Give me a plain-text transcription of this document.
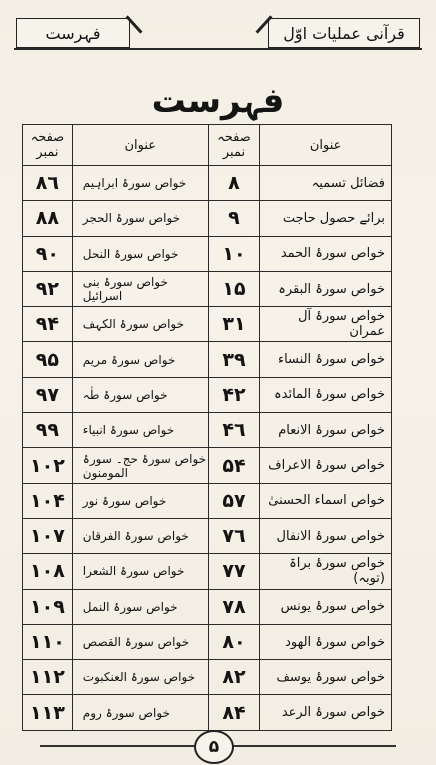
قرآنی عملیات اوّل
فہرست
فہرست
عنوان	صفحہ نمبر	عنوان	صفحہ نمبر
فضائل تسمیہ	٨	خواص سورۂ ابراہیم	٨٦
برائے حصول حاجت	٩	خواص سورۂ الحجر	٨٨
خواص سورۂ الحمد	١٠	خواص سورۂ النحل	٩٠
خواص سورۂ البقرہ	١۵	خواص سورۂ بنی اسرائیل	٩٢
خواص سورۂ آل عمران	٣١	خواص سورۂ الکہف	٩۴
خواص سورۂ النساء	٣٩	خواص سورۂ مریم	٩۵
خواص سورۂ المائدہ	۴٢	خواص سورۂ طٰہ	٩٧
خواص سورۂ الانعام	۴٦	خواص سورۂ انبیاء	٩٩
خواص سورۂ الاعراف	۵۴	خواص سورۂ حج۔ سورۂ المومنون	١٠٢
خواص اسماء الحسنیٰ	۵٧	خواص سورۂ نور	١٠۴
خواص سورۂ الانفال	٧٦	خواص سورۂ الفرقان	١٠٧
خواص سورۂ براۃ (توبہ)	٧٧	خواص سورۂ الشعرا	١٠٨
خواص سورۂ یونس	٧٨	خواص سورۂ النمل	١٠٩
خواص سورۂ الھود	٨٠	خواص سورۂ القصص	١١٠
خواص سورۂ یوسف	٨٢	خواص سورۂ العنکبوت	١١٢
خواص سورۂ الرعد	٨۴	خواص سورۂ روم	١١٣
۵
